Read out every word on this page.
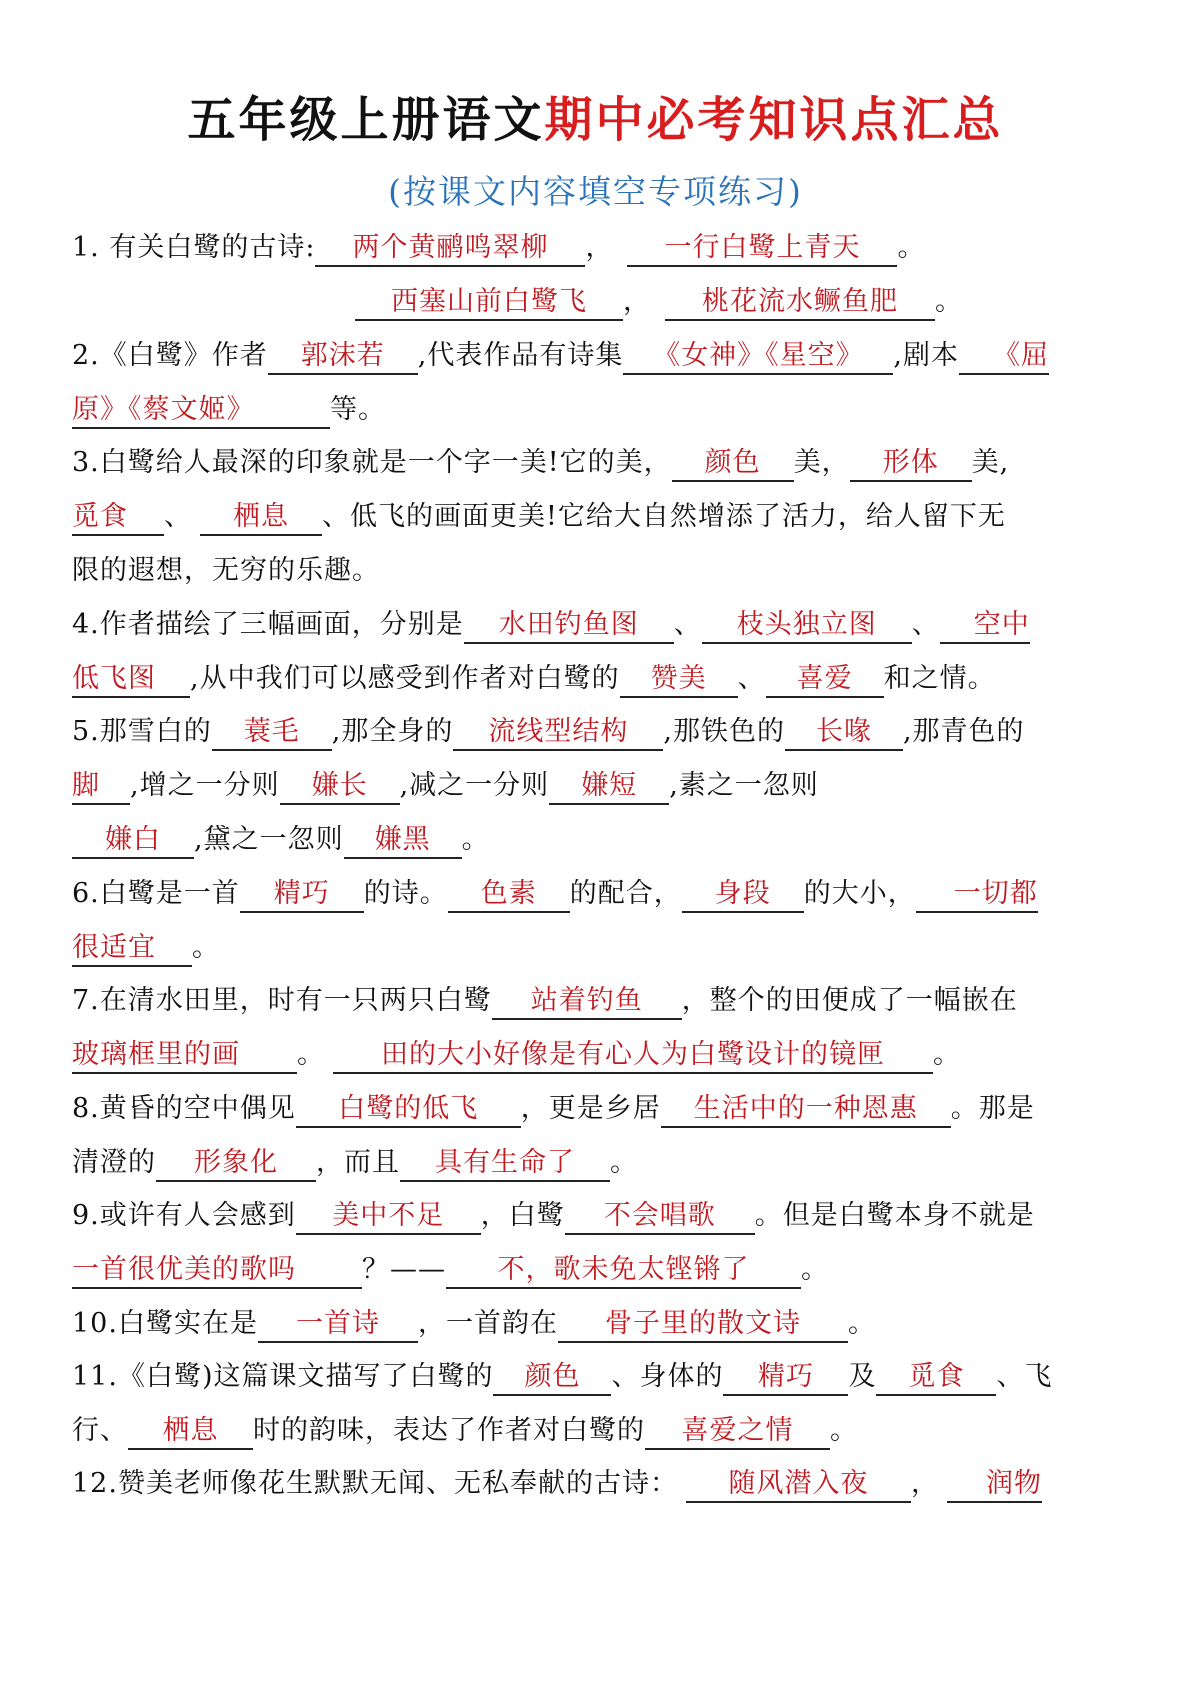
五年级上册语文期中必考知识点汇总
(按课文内容填空专项练习)
1. 有关白鹭的古诗: 两个黄鹂鸣翠柳 ， 一行白鹭上青天 。
西塞山前白鹭飞 ， 桃花流水鳜鱼肥 。
2.《白鹭》作者 郭沫若 ,代表作品有诗集 《女神》《星空》 ,剧本 《屈
原》《蔡文姬》	等。
3.白鹭给人最深的印象就是一个字一美!它的美， 颜色 美， 形体 美,
觅食 、 栖息 、低飞的画面更美!它给大自然增添了活力，给人留下无
限的遐想，无穷的乐趣。
4.作者描绘了三幅画面，分别是 水田钓鱼图 、 枝头独立图 、 空中
低飞图 ,从中我们可以感受到作者对白鹭的 赞美 、 喜爱 和之情。
5.那雪白的 蓑毛 ,那全身的 流线型结构 ,那铁色的 长喙 ,那青色的
脚 ,增之一分则 嫌长 ,减之一分则 嫌短 ,素之一忽则
嫌白 ,黛之一忽则 嫌黑 。
6.白鹭是一首 精巧 的诗。 色素 的配合， 身段 的大小， 一切都
很适宜 。
7.在清水田里，时有一只两只白鹭 站着钓鱼 ，整个的田便成了一幅嵌在
玻璃框里的画 。 田的大小好像是有心人为白鹭设计的镜匣 。
8.黄昏的空中偶见 白鹭的低飞 ，更是乡居 生活中的一种恩惠 。那是
清澄的 形象化 ，而且 具有生命了 。
9.或许有人会感到 美中不足 ，白鹭 不会唱歌 。但是白鹭本身不就是
一首很优美的歌吗 ？—— 不，歌未免太铿锵了 。
10.白鹭实在是 一首诗 ，一首韵在 骨子里的散文诗 。
11.《白鹭)这篇课文描写了白鹭的 颜色 、身体的 精巧 及 觅食 、飞
行、 栖息 时的韵味，表达了作者对白鹭的 喜爱之情 。
12.赞美老师像花生默默无闻、无私奉献的古诗： 随风潜入夜 ， 润物
